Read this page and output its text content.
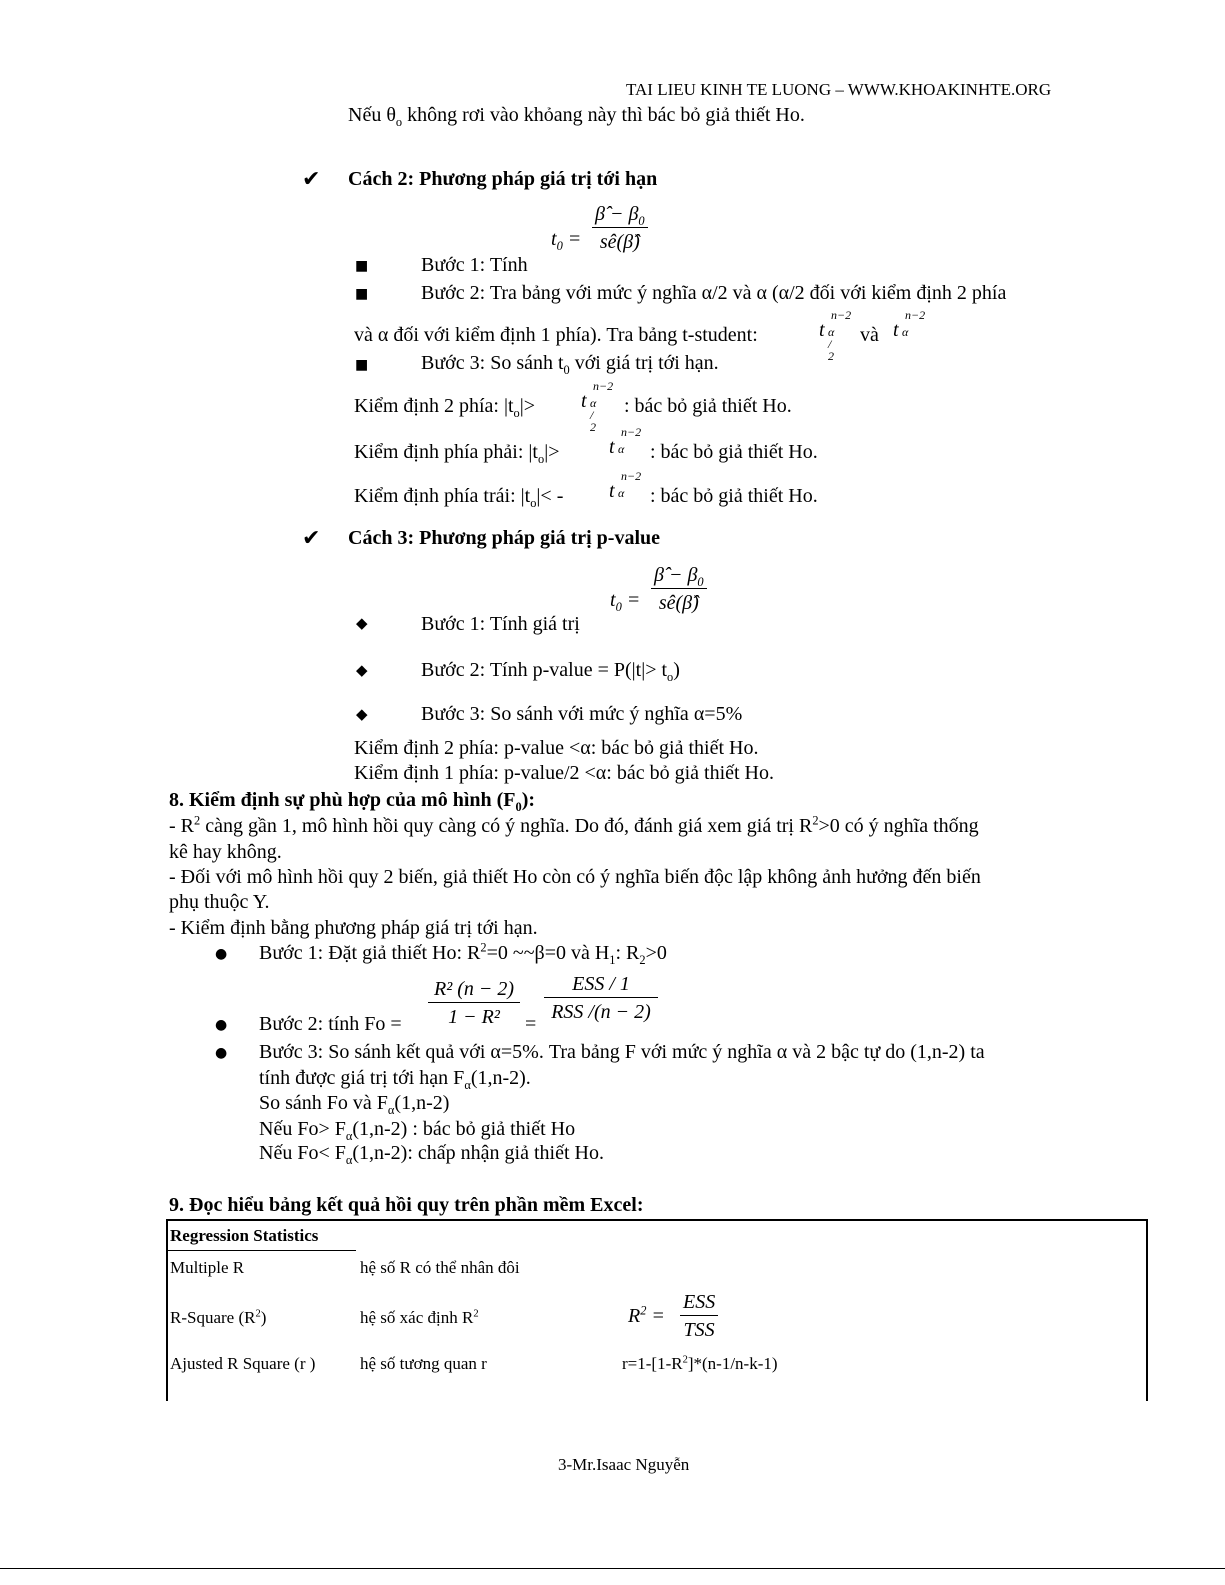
TAI LIEU KINH TE LUONG – WWW.KHOAKINHTE.ORG
Nếu $\theta_o$ không rơi vào khỏang này thì bác bỏ giả thiết Ho.
✔ Cách 2: Phương pháp giá trị tới hạn
$t_0 = \frac{\betâ - \beta_0}{sê(\betâ)}$
■	Bước 1: Tính
■	Bước 2: Tra bảng với mức ý nghĩa α/2 và α (α/2 đối với kiểm định 2 phía
và α đối với kiểm định 1 phía). Tra bảng t-student:	t
n−2
α / 2
và t
n−2
α
■	Bước 3: So sánh $t_0$ với giá trị tới hạn.
Kiểm định 2 phía: $|t_o|> t$
n−2
α / 2
: bác bỏ giả thiết Ho.
Kiểm định phía phải: $|t_o|> t$
n−2
α : bác bỏ giả thiết Ho.
Kiểm định phía trái: $|t_o|< - t$
n−2
α : bác bỏ giả thiết Ho.
✔ Cách 3: Phương pháp giá trị p-value
$t_0 = \frac{\betâ - \beta_0}{sê(\betâ)}$
◆	Bước 1: Tính giá trị
◆	Bước 2: Tính p-value = $P(|t|> t_o)$
◆	Bước 3: So sánh với mức ý nghĩa α=5%
Kiểm định 2 phía: p-value <α: bác bỏ giả thiết Ho.
Kiểm định 1 phía: p-value/2 <α: bác bỏ giả thiết Ho.
8. Kiểm định sự phù hợp của mô hình $(F_0)$:
- $R^2$ càng gần 1, mô hình hồi quy càng có ý nghĩa. Do đó, đánh giá xem giá trị $R^2>0$ có ý nghĩa thống
kê hay không.
- Đối với mô hình hồi quy 2 biến, giả thiết Ho còn có ý nghĩa biến độc lập không ảnh hưởng đến biến
phụ thuộc Y.
- Kiểm định bằng phương pháp giá trị tới hạn.
● Bước 1: Đặt giả thiết Ho: $R^2=0$ ~~β=0 và $H_1$: $R_2>0$
● Bước 2: tính $Fo = \frac{\text{R² (n − 2)}}{\text{1 − R²}}$ =
ESS / 1
RSS /(n − 2)
● Bước 3: So sánh kết quả với α=5%. Tra bảng F với mức ý nghĩa α và 2 bậc tự do (1,n-2) ta
tính được giá trị tới hạn $F_\alpha(1,n-2)$.
So sánh Fo và $F_\alpha(1,n-2)$
Nếu $Fo> F_\alpha(1,n-2)$ : bác bỏ giả thiết Ho
Nếu $Fo< F_\alpha(1,n-2)$: chấp nhận giả thiết Ho.
9. Đọc hiểu bảng kết quả hồi quy trên phần mềm Excel:
Regression Statistics
Multiple R	hệ số R có thể nhân đôi
R-Square $(R^2)$	hệ số xác định $R^2$	$R^2$ =
ESS
TSS
Ajusted R Square (r )	hệ số tương quan r	$r=1-[1-R^2]*(n-1/n-k-1)$
3-Mr.Isaac Nguyễn
